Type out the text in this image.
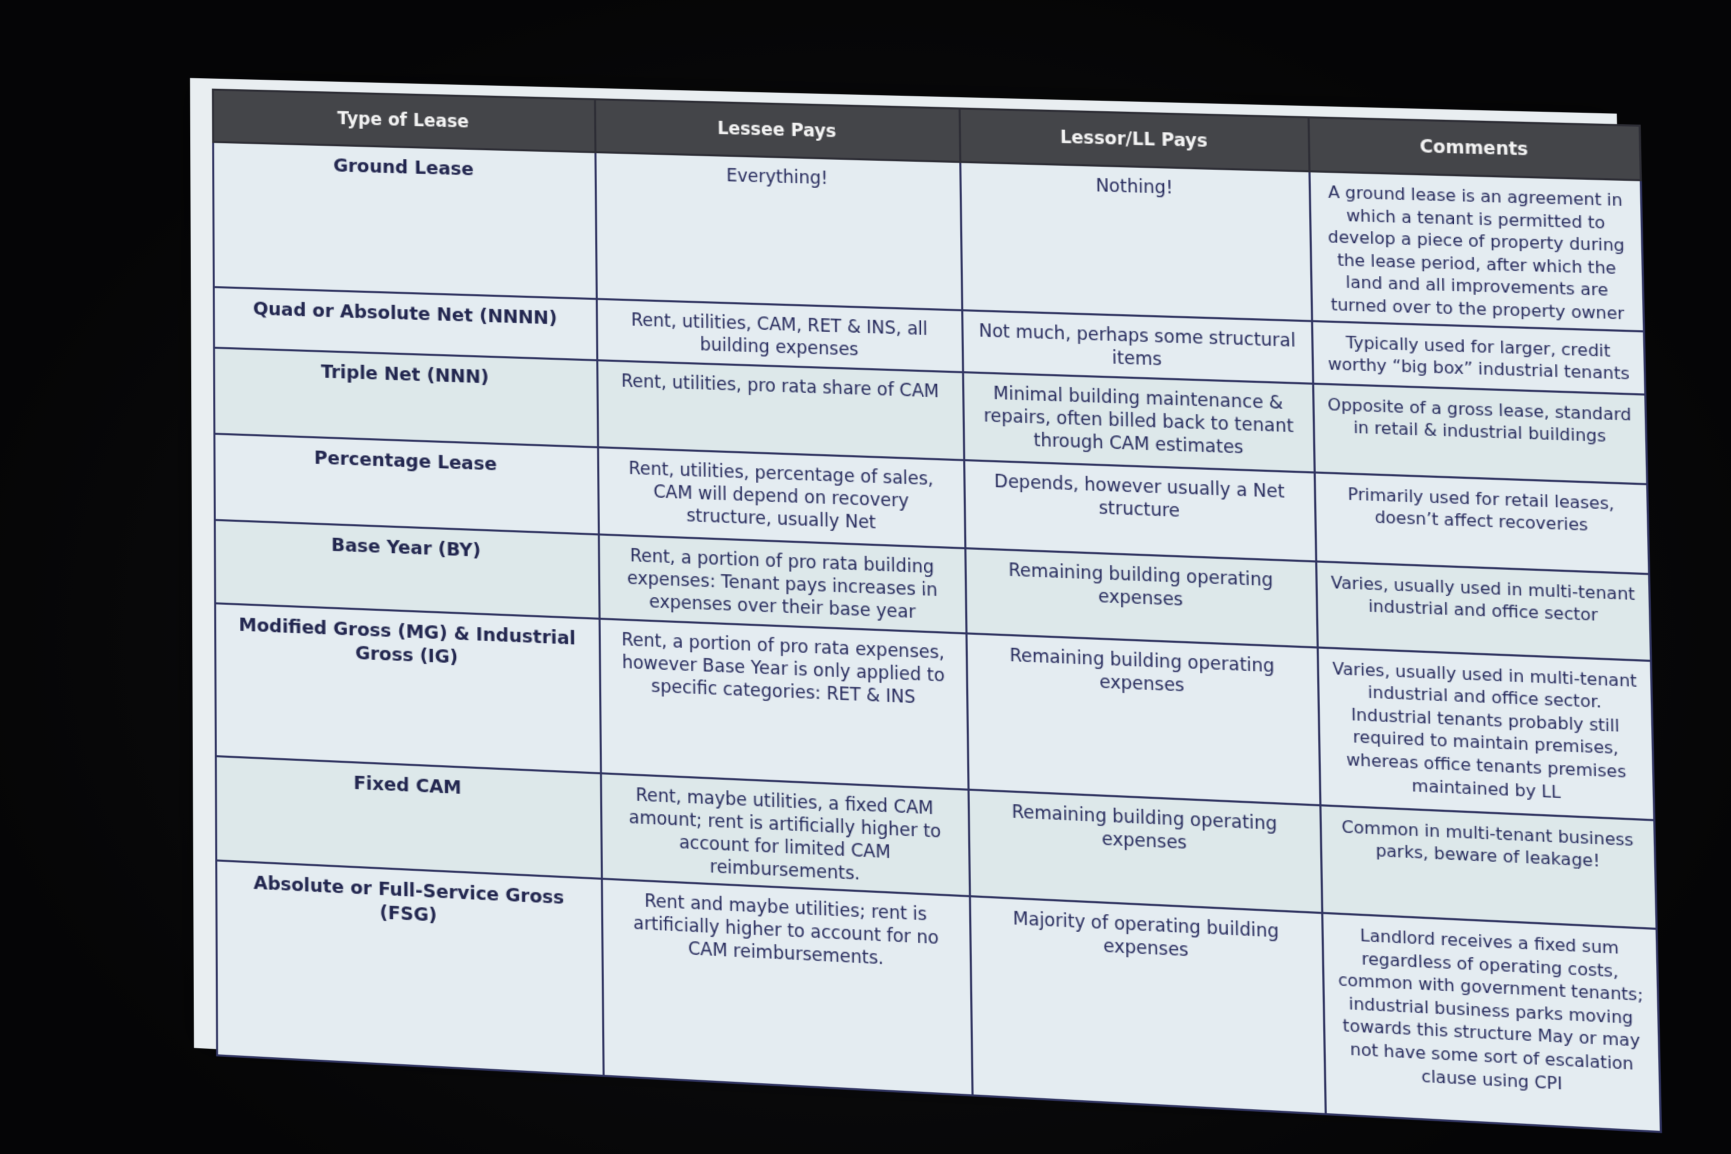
Type of Lease	Lessee Pays	Lessor/LL Pays	Comments
Ground Lease	Everything!	Nothing!	A ground lease is an agreement in which a tenant is permitted to develop a piece of property during the lease period, after which the land and all improvements are turned over to the property owner
Quad or Absolute Net (NNNN)	Rent, utilities, CAM, RET & INS, all building expenses	Not much, perhaps some structural items	Typically used for larger, credit worthy “big box” industrial tenants
Triple Net (NNN)	Rent, utilities, pro rata share of CAM	Minimal building maintenance & repairs, often billed back to tenant through CAM estimates	Opposite of a gross lease, standard in retail & industrial buildings
Percentage Lease	Rent, utilities, percentage of sales, CAM will depend on recovery structure, usually Net	Depends, however usually a Net structure	Primarily used for retail leases, doesn’t affect recoveries
Base Year (BY)	Rent, a portion of pro rata building expenses: Tenant pays increases in expenses over their base year	Remaining building operating expenses	Varies, usually used in multi-tenant industrial and office sector
Modified Gross (MG) & Industrial Gross (IG)	Rent, a portion of pro rata expenses, however Base Year is only applied to specific categories: RET & INS	Remaining building operating expenses	Varies, usually used in multi-tenant industrial and office sector. Industrial tenants probably still required to maintain premises, whereas office tenants premises maintained by LL
Fixed CAM	Rent, maybe utilities, a fixed CAM amount; rent is artificially higher to account for limited CAM reimbursements.	Remaining building operating expenses	Common in multi-tenant business parks, beware of leakage!
Absolute or Full-Service Gross (FSG)	Rent and maybe utilities; rent is artificially higher to account for no CAM reimbursements.	Majority of operating building expenses	Landlord receives a fixed sum regardless of operating costs, common with government tenants; industrial business parks moving towards this structure May or may not have some sort of escalation clause using CPI
